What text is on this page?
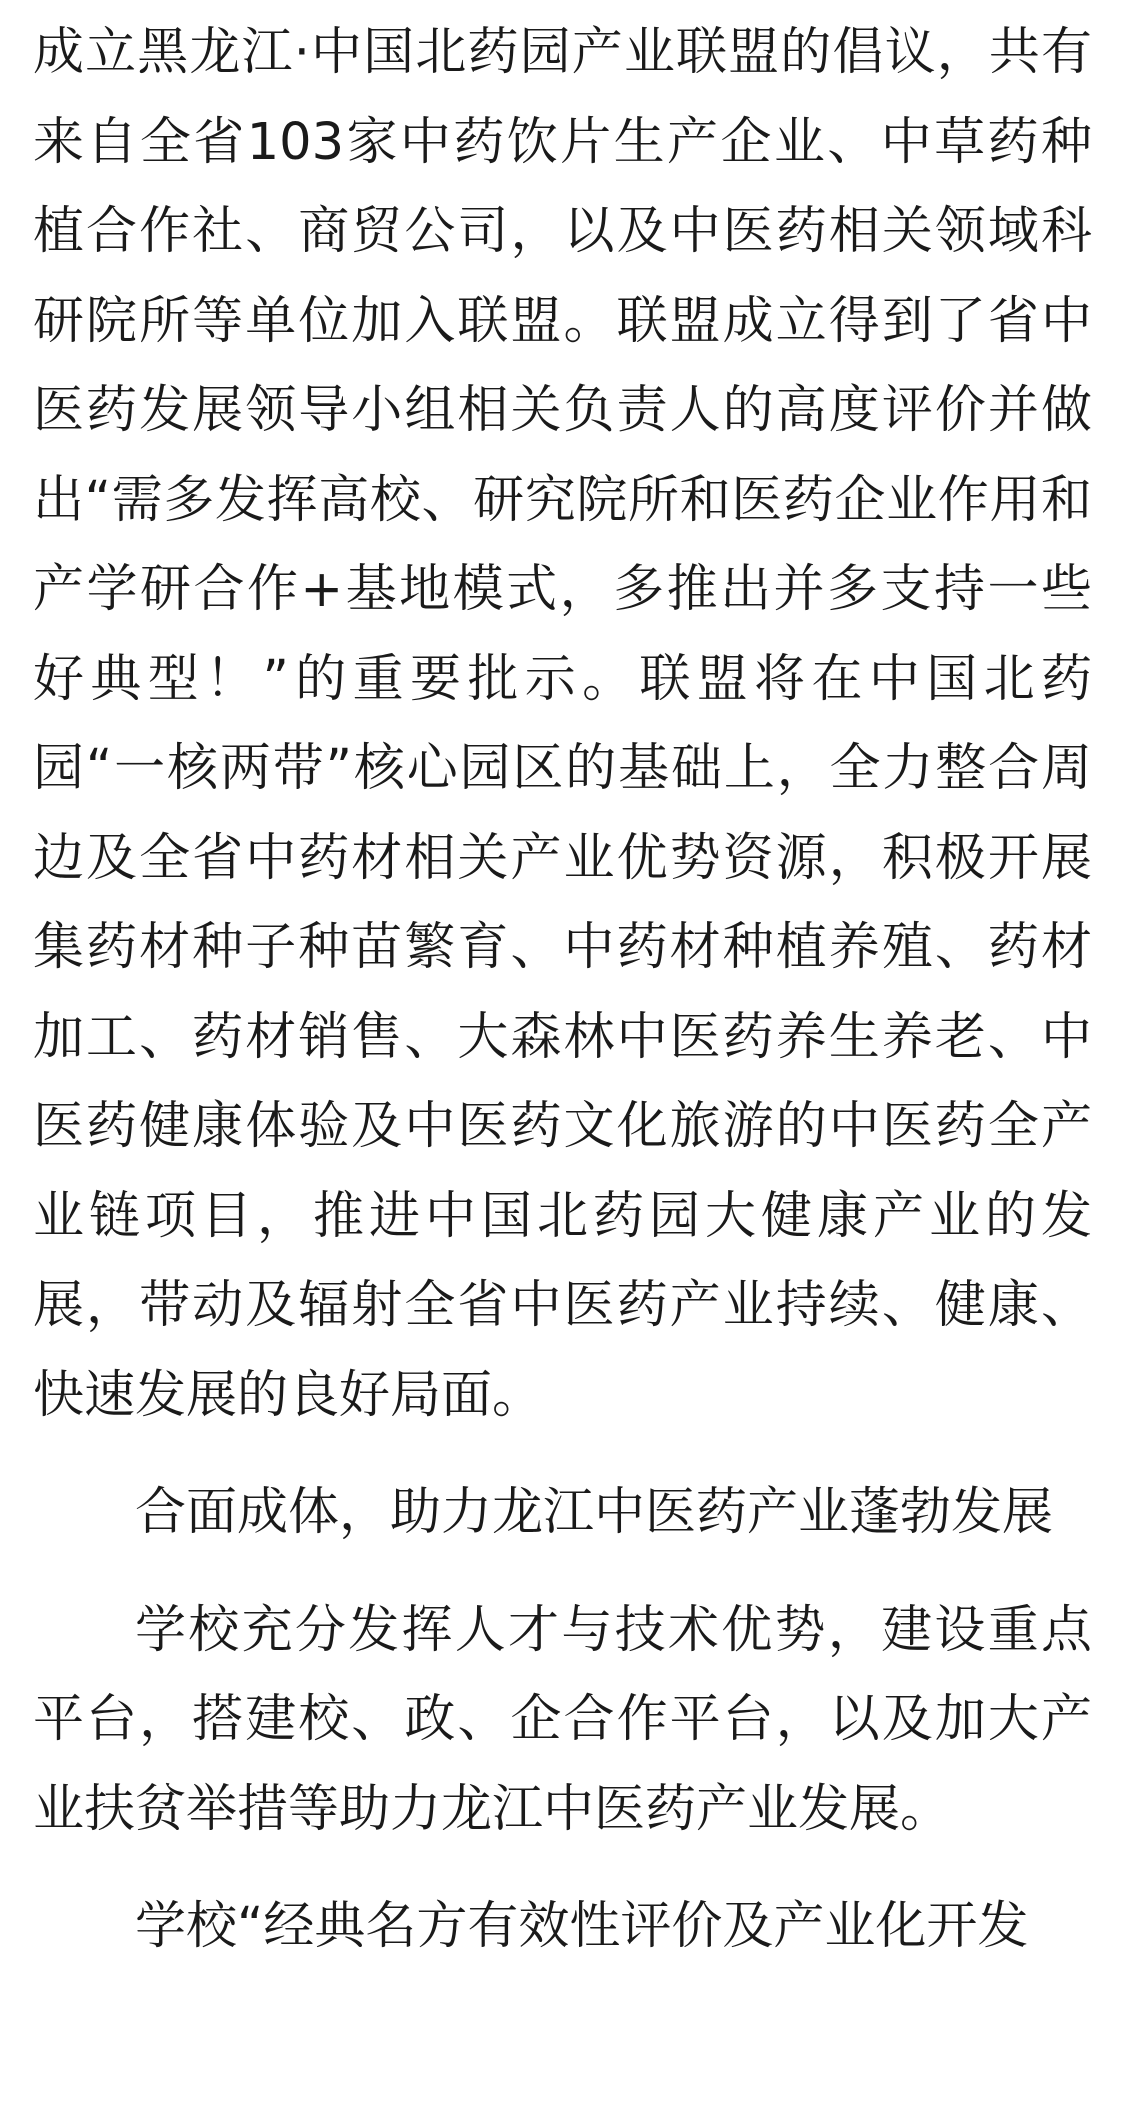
成立黑龙江·中国北药园产业联盟的倡议，共有来自全省103家中药饮片生产企业、中草药种植合作社、商贸公司，以及中医药相关领域科研院所等单位加入联盟。联盟成立得到了省中医药发展领导小组相关负责人的高度评价并做出“需多发挥高校、研究院所和医药企业作用和产学研合作+基地模式，多推出并多支持一些好典型！”的重要批示。联盟将在中国北药园“一核两带”核心园区的基础上，全力整合周边及全省中药材相关产业优势资源，积极开展集药材种子种苗繁育、中药材种植养殖、药材加工、药材销售、大森林中医药养生养老、中医药健康体验及中医药文化旅游的中医药全产业链项目，推进中国北药园大健康产业的发展，带动及辐射全省中医药产业持续、健康、快速发展的良好局面。

合面成体，助力龙江中医药产业蓬勃发展

学校充分发挥人才与技术优势，建设重点平台，搭建校、政、企合作平台，以及加大产业扶贫举措等助力龙江中医药产业发展。

学校“经典名方有效性评价及产业化开发
